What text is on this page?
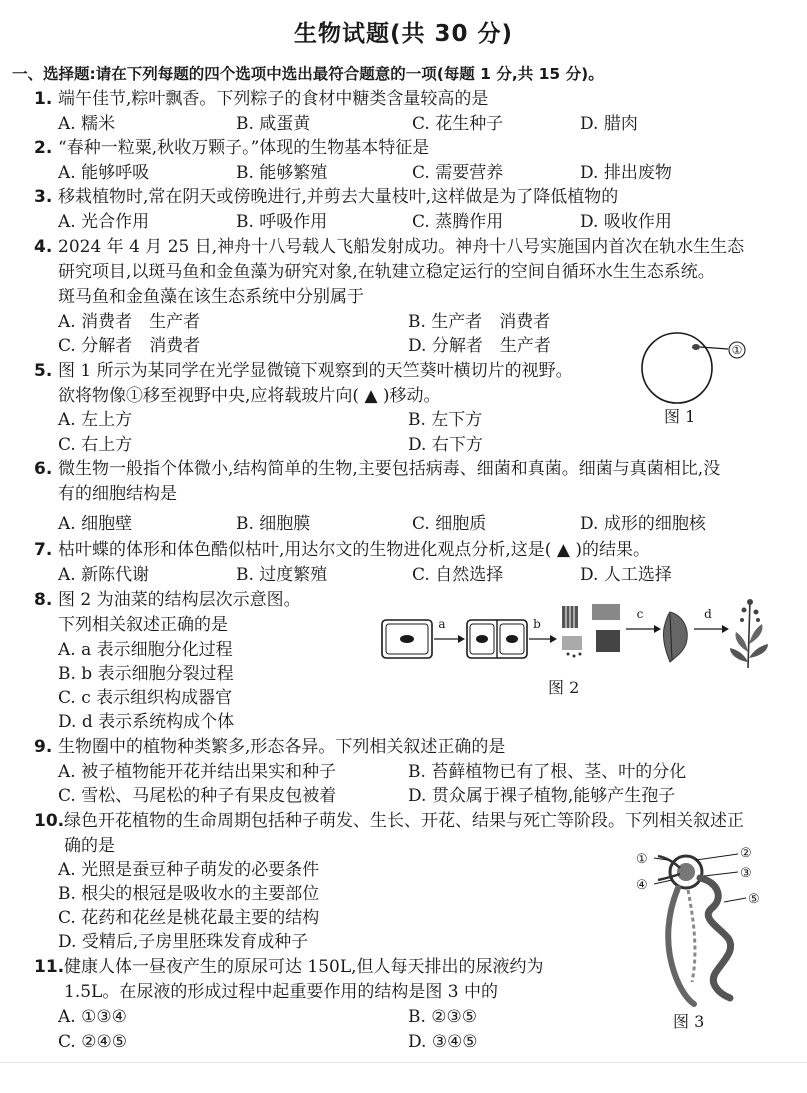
生物试题(共 30 分)
一、选择题:请在下列每题的四个选项中选出最符合题意的一项(每题 1 分,共 15 分)。
1. 端午佳节,粽叶飘香。下列粽子的食材中糖类含量较高的是
A. 糯米	B. 咸蛋黄	C. 花生种子	D. 腊肉
2. “春种一粒粟,秋收万颗子。”体现的生物基本特征是
A. 能够呼吸	B. 能够繁殖	C. 需要营养	D. 排出废物
3. 移栽植物时,常在阴天或傍晚进行,并剪去大量枝叶,这样做是为了降低植物的
A. 光合作用	B. 呼吸作用	C. 蒸腾作用	D. 吸收作用
4. 2024 年 4 月 25 日,神舟十八号载人飞船发射成功。神舟十八号实施国内首次在轨水生生态
研究项目,以斑马鱼和金鱼藻为研究对象,在轨建立稳定运行的空间自循环水生生态系统。
斑马鱼和金鱼藻在该生态系统中分别属于
A. 消费者　生产者	B. 生产者　消费者
C. 分解者　消费者	D. 分解者　生产者
5. 图 1 所示为某同学在光学显微镜下观察到的天竺葵叶横切片的视野。
欲将物像①移至视野中央,应将载玻片向( ▲ )移动。
A. 左上方	B. 左下方
C. 右上方	D. 右下方
①
图 1
6. 微生物一般指个体微小,结构简单的生物,主要包括病毒、细菌和真菌。细菌与真菌相比,没
有的细胞结构是
A. 细胞壁	B. 细胞膜	C. 细胞质	D. 成形的细胞核
7. 枯叶蝶的体形和体色酷似枯叶,用达尔文的生物进化观点分析,这是( ▲ )的结果。
A. 新陈代谢	B. 过度繁殖	C. 自然选择	D. 人工选择
8. 图 2 为油菜的结构层次示意图。
下列相关叙述正确的是
A. a 表示细胞分化过程
B. b 表示细胞分裂过程
C. c 表示组织构成器官
D. d 表示系统构成个体
a	b
c	d
图 2
9. 生物圈中的植物种类繁多,形态各异。下列相关叙述正确的是
A. 被子植物能开花并结出果实和种子	B. 苔藓植物已有了根、茎、叶的分化
C. 雪松、马尾松的种子有果皮包被着	D. 贯众属于裸子植物,能够产生孢子
10.绿色开花植物的生命周期包括种子萌发、生长、开花、结果与死亡等阶段。下列相关叙述正
确的是
A. 光照是蚕豆种子萌发的必要条件
B. 根尖的根冠是吸收水的主要部位
C. 花药和花丝是桃花最主要的结构
D. 受精后,子房里胚珠发育成种子
11.健康人体一昼夜产生的原尿可达 150L,但人每天排出的尿液约为
1.5L。在尿液的形成过程中起重要作用的结构是图 3 中的
A. ①③④	B. ②③⑤
C. ②④⑤	D. ③④⑤
①	②
③
④
⑤
图 3
